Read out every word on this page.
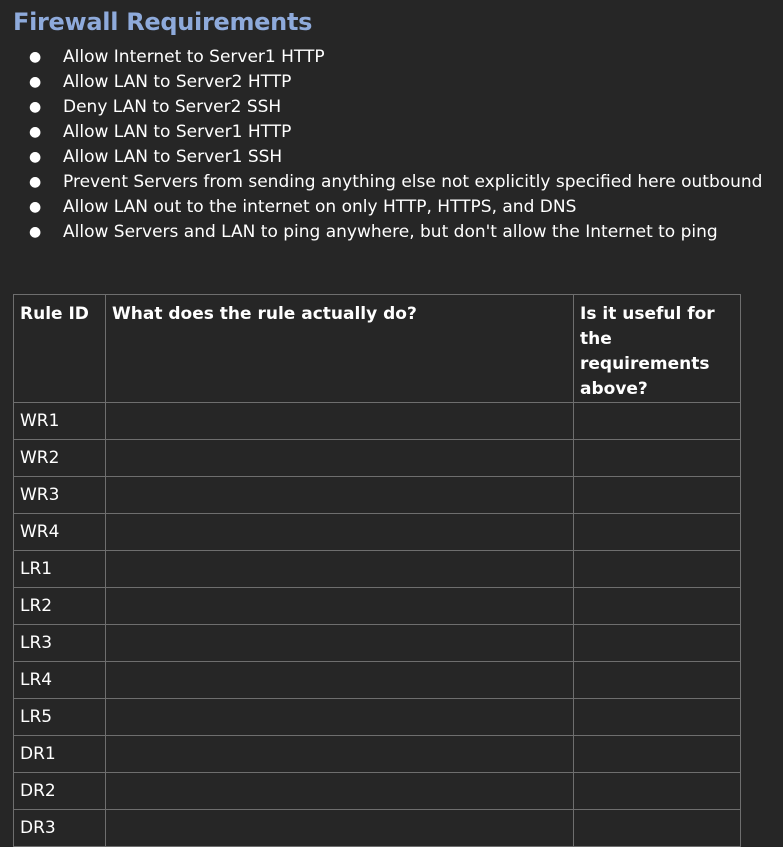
Firewall Requirements
● Allow Internet to Server1 HTTP
● Allow LAN to Server2 HTTP
● Deny LAN to Server2 SSH
● Allow LAN to Server1 HTTP
● Allow LAN to Server1 SSH
● Prevent Servers from sending anything else not explicitly specified here outbound
● Allow LAN out to the internet on only HTTP, HTTPS, and DNS
● Allow Servers and LAN to ping anywhere, but don't allow the Internet to ping
Rule ID	What does the rule actually do?	Is it useful for the requirements above?
WR1		
WR2		
WR3		
WR4		
LR1		
LR2		
LR3		
LR4		
LR5		
DR1		
DR2		
DR3		
